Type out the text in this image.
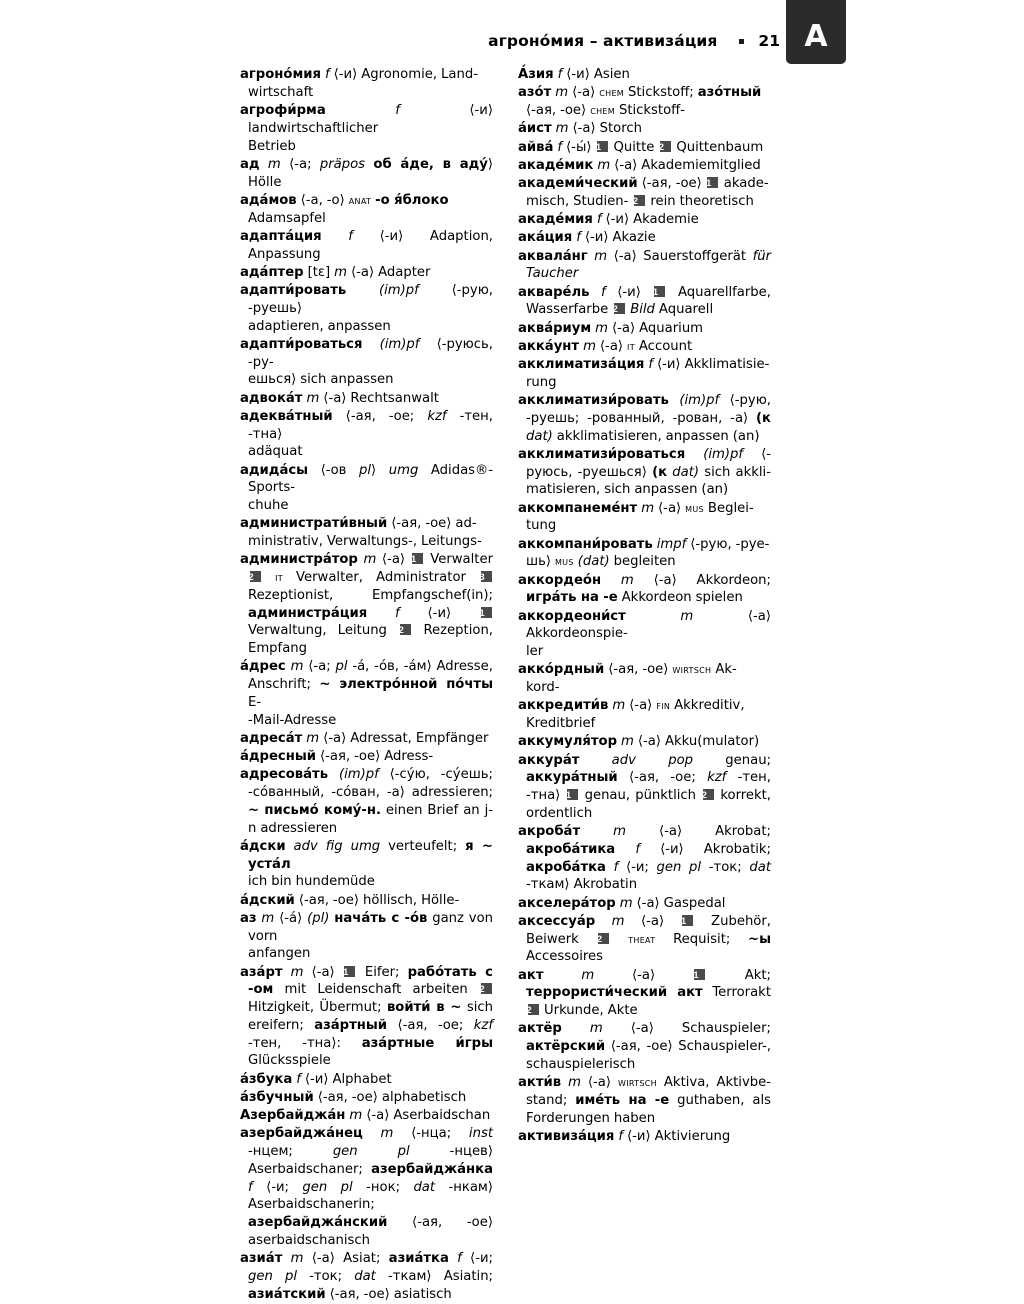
агроно́мия – активиза́ция	21 A

агроно́мия f ⟨-и⟩ Agronomie, Land-
wirtschaft

агрофи́рма	f ⟨-и⟩ landwirtschaftlicher
Betrieb

ад m ⟨-а; präpos об а́де, в аду́⟩ Hölle

ада́мов ⟨-а, -о⟩ anat -о я́блоко
Adamsapfel

адапта́ция f ⟨-и⟩ Adaption, Anpassung

ада́птер [tɛ] m ⟨-а⟩ Adapter

адапти́ровать (im)pf ⟨-рую, -руешь⟩
adaptieren, anpassen

адапти́роваться (im)pf ⟨-руюсь, -ру-
ешься⟩ sich anpassen

адвока́т m ⟨-а⟩ Rechtsanwalt

адеква́тный ⟨-ая, -ое; kzf -тен, -тна⟩
adäquat

адида́сы ⟨-ов pl⟩ umg Adidas®-Sports-
chuhe

администрати́вный ⟨-ая, -ое⟩ ad-
ministrativ, Verwaltungs-, Leitungs-

администра́тор m ⟨-а⟩ 1 Verwalter 2 it Verwalter, Administrator 3 Rezeptionist, Empfangschef(in); администра́ция f ⟨-и⟩ 1 Verwaltung, Leitung 2 Rezeption, Empfang

а́дрес m ⟨-а; pl -а́, -о́в, -а́м⟩ Adresse, Anschrift; ~ электро́нной по́чты E-
-Mail-Adresse

адреса́т m ⟨-а⟩ Adressat, Empfänger

а́дресный ⟨-ая, -ое⟩ Adress-

адресова́ть (im)pf ⟨-су́ю, -су́ешь; -со́ванный, -со́ван, -а⟩ adressieren; ~ письмо́ кому́-н. einen Brief an j-n adressieren

а́дски adv fig umg verteufelt; я ~ уста́л
ich bin hundemüde

а́дский ⟨-ая, -ое⟩ höllisch, Hölle-

аз m ⟨-а́⟩ (pl) нача́ть с -о́в ganz von vorn
anfangen

аза́рт m ⟨-а⟩ 1 Eifer; рабо́тать с -ом mit Leidenschaft arbeiten 2 Hitzigkeit, Übermut; войти́ в ~ sich ereifern; аза́ртный ⟨-ая, -ое; kzf -тен, -тна⟩: аза́ртные и́гры Glücksspiele

а́збука f ⟨-и⟩ Alphabet

а́збучный ⟨-ая, -ое⟩ alphabetisch

Азербайджа́н m ⟨-а⟩ Aserbaidschan

азербайджа́нец m ⟨-нца; inst -нцем; gen pl -нцев⟩ Aserbaidschaner; азербайджа́нка f ⟨-и; gen pl -нок; dat -нкам⟩ Aserbaidschanerin; азербайджа́нский ⟨-ая, -ое⟩ aserbaidschanisch

азиа́т m ⟨-а⟩ Asiat; азиа́тка f ⟨-и; gen pl -ток; dat -ткам⟩ Asiatin; азиа́тский ⟨-ая, -ое⟩ asiatisch

А́зия f ⟨-и⟩ Asien

азо́т m ⟨-а⟩ chem Stickstoff; азо́тный
⟨-ая, -ое⟩ chem Stickstoff-

а́ист m ⟨-а⟩ Storch

айва́ f ⟨-ы́⟩ 1 Quitte 2 Quittenbaum

акаде́мик m ⟨-а⟩ Akademiemitglied

академи́ческий ⟨-ая, -ое⟩ 1 akade-
misch, Studien- 2 rein theoretisch

акаде́мия f ⟨-и⟩ Akademie

ака́ция f ⟨-и⟩ Akazie

аквала́нг m ⟨-а⟩ Sauerstoffgerät für Taucher

акваре́ль f ⟨-и⟩ 1 Aquarellfarbe, Wasserfarbe 2 Bild Aquarell

аква́риум m ⟨-а⟩ Aquarium

акка́унт m ⟨-а⟩ it Account

акклиматиза́ция f ⟨-и⟩ Akklimatisie-
rung

акклиматизи́ровать (im)pf ⟨-рую, -руешь; -рованный, -рован, -а⟩ (к dat) akklimatisieren, anpassen (an)

акклиматизи́роваться (im)pf ⟨-руюсь, -руешься⟩ (к dat) sich akklimatisieren, sich anpassen (an)

аккомпанеме́нт m ⟨-а⟩ mus Beglei-
tung

аккомпани́ровать impf ⟨-рую, -руе-
шь⟩ mus (dat) begleiten

аккордео́н m ⟨-а⟩ Akkordeon; игра́ть на -е Akkordeon spielen

аккордеони́ст	m ⟨-а⟩ Akkordeonspie-
ler

акко́рдный ⟨-ая, -ое⟩ wirtsch Ak-
kord-

аккредити́в m ⟨-а⟩ fin Akkreditiv,
Kreditbrief

аккумуля́тор m ⟨-а⟩ Akku(mulator)

аккура́т adv pop genau; аккура́тный ⟨-ая, -ое; kzf -тен, -тна⟩ 1 genau, pünktlich 2 korrekt, ordentlich

акроба́т	m ⟨-а⟩ Akrobat; акроба́тика f ⟨-и⟩ Akrobatik; акроба́тка f ⟨-и; gen pl -ток; dat -ткам⟩ Akrobatin

акселера́тор m ⟨-а⟩ Gaspedal

аксессуа́р m ⟨-а⟩ 1 Zubehör, Beiwerk 2 theat Requisit; ~ы Accessoires

акт	m ⟨-а⟩ 1 Akt; террористи́ческий акт Terrorakt 2 Urkunde, Akte

актёр m ⟨-а⟩ Schauspieler; актёрский ⟨-ая, -ое⟩ Schauspieler-, schauspielerisch

акти́в m ⟨-а⟩ wirtsch Aktiva, Aktivbestand; име́ть на -е guthaben, als Forderungen haben

активиза́ция f ⟨-и⟩ Aktivierung
